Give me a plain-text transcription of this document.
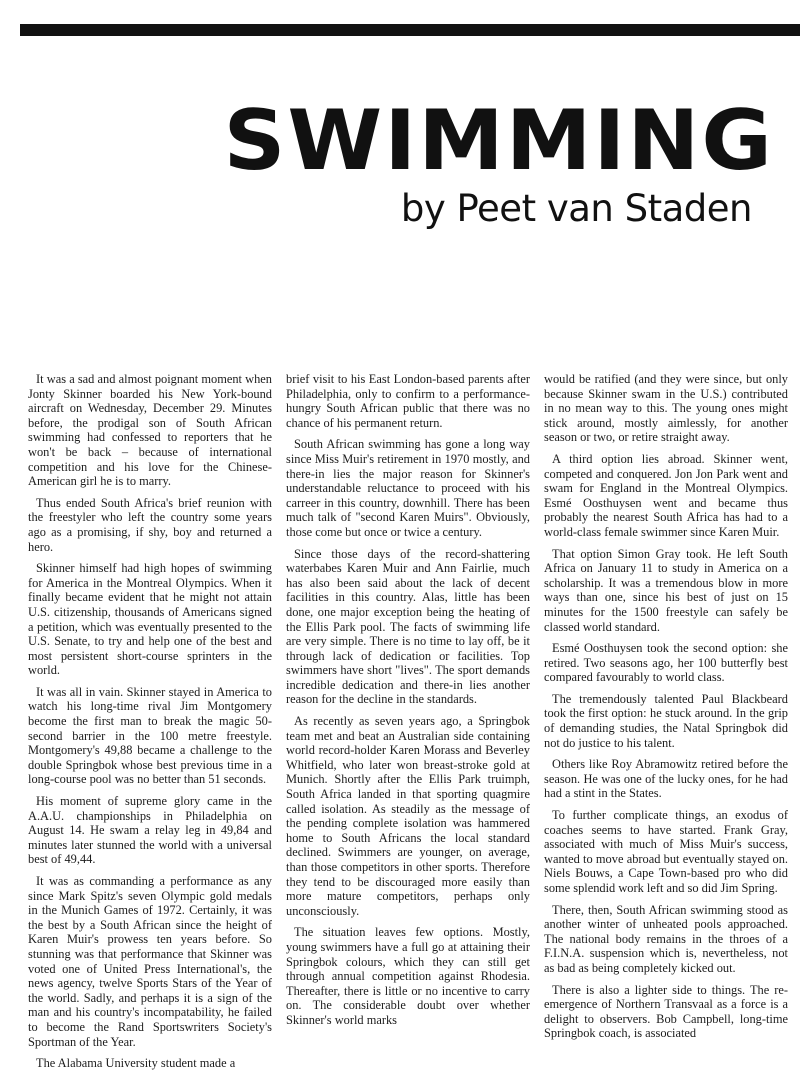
SWIMMING
by Peet van Staden

It was a sad and almost poignant moment when Jonty Skinner boarded his New York-bound aircraft on Wednesday, December 29. Minutes before, the prodigal son of South African swimming had confessed to reporters that he won't be back – because of international competition and his love for the Chinese-American girl he is to marry.

Thus ended South Africa's brief reunion with the freestyler who left the country some years ago as a promising, if shy, boy and returned a hero.

Skinner himself had high hopes of swimming for America in the Montreal Olympics. When it finally became evident that he might not attain U.S. citizenship, thousands of Americans signed a petition, which was eventually presented to the U.S. Senate, to try and help one of the best and most persistent short-course sprinters in the world.

It was all in vain. Skinner stayed in America to watch his long-time rival Jim Montgomery become the first man to break the magic 50-second barrier in the 100 metre freestyle. Montgomery's 49,88 became a challenge to the double Springbok whose best previous time in a long-course pool was no better than 51 seconds.

His moment of supreme glory came in the A.A.U. championships in Philadelphia on August 14. He swam a relay leg in 49,84 and minutes later stunned the world with a universal best of 49,44.

It was as commanding a performance as any since Mark Spitz's seven Olympic gold medals in the Munich Games of 1972. Certainly, it was the best by a South African since the height of Karen Muir's prowess ten years before. So stunning was that performance that Skinner was voted one of United Press International's, the news agency, twelve Sports Stars of the Year of the world. Sadly, and perhaps it is a sign of the man and his country's incompatability, he failed to become the Rand Sportswriters Society's Sportman of the Year.

The Alabama University student made a

brief visit to his East London-based parents after Philadelphia, only to confirm to a performance-hungry South African public that there was no chance of his permanent return.

South African swimming has gone a long way since Miss Muir's retirement in 1970 mostly, and there-in lies the major reason for Skinner's understandable reluctance to proceed with his carreer in this country, downhill. There has been much talk of "second Karen Muirs". Obviously, those come but once or twice a century.

Since those days of the record-shattering waterbabes Karen Muir and Ann Fairlie, much has also been said about the lack of decent facilities in this country. Alas, little has been done, one major exception being the heating of the Ellis Park pool. The facts of swimming life are very simple. There is no time to lay off, be it through lack of dedication or facilities. Top swimmers have short "lives". The sport demands incredible dedication and there-in lies another reason for the decline in the standards.

As recently as seven years ago, a Springbok team met and beat an Australian side containing world record-holder Karen Morass and Beverley Whitfield, who later won breast-stroke gold at Munich. Shortly after the Ellis Park truimph, South Africa landed in that sporting quagmire called isolation. As steadily as the message of the pending complete isolation was hammered home to South Africans the local standard declined. Swimmers are younger, on average, than those competitors in other sports. Therefore they tend to be discouraged more easily than more mature competitors, perhaps only unconsciously.

The situation leaves few options. Mostly, young swimmers have a full go at attaining their Springbok colours, which they can still get through annual competition against Rhodesia. Thereafter, there is little or no incentive to carry on. The considerable doubt over whether Skinner's world marks

would be ratified (and they were since, but only because Skinner swam in the U.S.) contributed in no mean way to this. The young ones might stick around, mostly aimlessly, for another season or two, or retire straight away.

A third option lies abroad. Skinner went, competed and conquered. Jon Jon Park went and swam for England in the Montreal Olympics. Esmé Oosthuysen went and became thus probably the nearest South Africa has had to a world-class female swimmer since Karen Muir.

That option Simon Gray took. He left South Africa on January 11 to study in America on a scholarship. It was a tremendous blow in more ways than one, since his best of just on 15 minutes for the 1500 freestyle can safely be classed world standard.

Esmé Oosthuysen took the second option: she retired. Two seasons ago, her 100 butterfly best compared favourably to world class.

The tremendously talented Paul Blackbeard took the first option: he stuck around. In the grip of demanding studies, the Natal Springbok did not do justice to his talent.

Others like Roy Abramowitz retired before the season. He was one of the lucky ones, for he had had a stint in the States.

To further complicate things, an exodus of coaches seems to have started. Frank Gray, associated with much of Miss Muir's success, wanted to move abroad but eventually stayed on. Niels Bouws, a Cape Town-based pro who did some splendid work left and so did Jim Spring.

There, then, South African swimming stood as another winter of unheated pools approached. The national body remains in the throes of a F.I.N.A. suspension which is, nevertheless, not as bad as being completely kicked out.

There is also a lighter side to things. The re-emergence of Northern Transvaal as a force is a delight to observers. Bob Campbell, long-time Springbok coach, is associated
